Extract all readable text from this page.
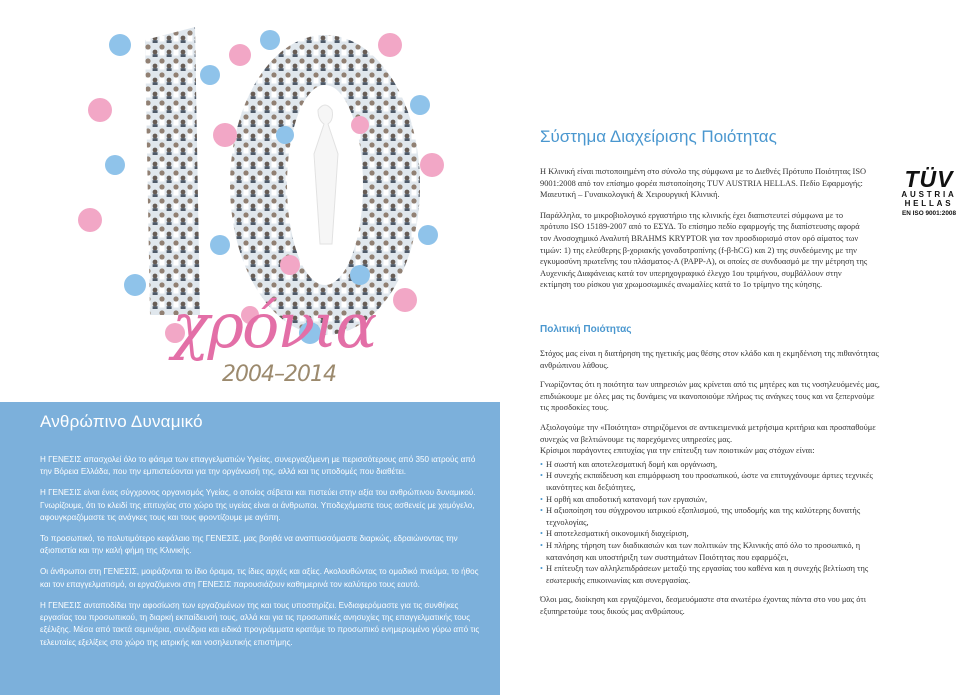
χρόνια
2004–2014
Ανθρώπινο Δυναμικό

Η ΓΕΝΕΣΙΣ απασχολεί όλο το φάσμα των επαγγελματιών Υγείας, συνεργαζόμενη με περισσότερους από 350 ιατρούς από την Βόρεια Ελλάδα, που την εμπιστεύονται για την οργάνωσή της, αλλά και τις υποδομές που διαθέτει.

Η ΓΕΝΕΣΙΣ είναι ένας σύγχρονος οργανισμός Υγείας, ο οποίος σέβεται και πιστεύει στην αξία του ανθρώπινου δυναμικού. Γνωρίζουμε, ότι το κλειδί της επιτυχίας στο χώρο της υγείας είναι οι άνθρωποι. Υποδεχόμαστε τους ασθενείς με χαμόγελο, αφουγκραζόμαστε τις ανάγκες τους και τους φροντίζουμε με αγάπη.

Το προσωπικό, το πολυτιμότερο κεφάλαιο της ΓΕΝΕΣΙΣ, μας βοηθά να αναπτυσσόμαστε διαρκώς, εδραιώνοντας την αξιοπιστία και την καλή φήμη της Κλινικής.

Οι άνθρωποι στη ΓΕΝΕΣΙΣ, μοιράζονται το ίδιο όραμα, τις ίδιες αρχές και αξίες. Ακολουθώντας το ομαδικό πνεύμα, το ήθος και τον επαγγελματισμό, οι εργαζόμενοι στη ΓΕΝΕΣΙΣ παρουσιάζουν καθημερινά τον καλύτερο τους εαυτό.

Η ΓΕΝΕΣΙΣ ανταποδίδει την αφοσίωση των εργαζομένων της και τους υποστηρίζει. Ενδιαφερόμαστε για τις συνθήκες εργασίας του προσωπικού, τη διαρκή εκπαίδευσή τους, αλλά και για τις προσωπικές ανησυχίες της επαγγελματικής τους εξέλιξης. Μέσα από τακτά σεμινάρια, συνέδρια και ειδικά προγράμματα κρατάμε το προσωπικό ενημερωμένο γύρω από τις τελευταίες εξελίξεις στο χώρο της ιατρικής και νοσηλευτικής επιστήμης.

Σύστημα Διαχείρισης Ποιότητας

Η Κλινική είναι πιστοποιημένη στο σύνολο της σύμφωνα με το Διεθνές Πρότυπο Ποιότητας ISO 9001:2008 από τον επίσημο φορέα πιστοποίησης TUV AUSTRIA HELLAS. Πεδίο Εφαρμογής: Μαιευτική – Γυναικολογική & Χειρουργική Κλινική.

Παράλληλα, το μικροβιολογικό εργαστήριο της κλινικής έχει διαπιστευτεί σύμφωνα με το πρότυπο ISO 15189-2007 από το ΕΣΥΔ. Το επίσημο πεδίο εφαρμογής της διαπίστευσης αφορά τον Ανοσοχημικό Αναλυτή BRAHMS KRYPTOR για τον προσδιορισμό στον ορό αίματος των τιμών: 1) της ελεύθερης β-χοριακής γοναδοτροπίνης (f-β-hCG) και 2) της συνδεόμενης με την εγκυμοσύνη πρωτεΐνης του πλάσματος-Α (PAPP-A), οι οποίες σε συνδυασμό με την μέτρηση της Αυχενικής Διαφάνειας κατά τον υπερηχογραφικό έλεγχο 1ου τριμήνου, συμβάλλουν στην εκτίμηση του ρίσκου για χρωμοσωμικές ανωμαλίες κατά το 1ο τρίμηνο της κύησης.

TÜV
AUSTRIA
HELLAS
EN ISO 9001:2008
Πολιτική Ποιότητας

Στόχος μας είναι η διατήρηση της ηγετικής μας θέσης στον κλάδο και η εκμηδένιση της πιθανότητας ανθρώπινου λάθους.

Γνωρίζοντας ότι η ποιότητα των υπηρεσιών μας κρίνεται από τις μητέρες και τις νοσηλευόμενές μας, επιδιώκουμε με όλες μας τις δυνάμεις να ικανοποιούμε πλήρως τις ανάγκες τους και να ξεπερνούμε τις προσδοκίες τους.

Αξιολογούμε την «Ποιότητα» στηριζόμενοι σε αντικειμενικά μετρήσιμα κριτήρια και προσπαθούμε συνεχώς να βελτιώνουμε τις παρεχόμενες υπηρεσίες μας.

Κρίσιμοι παράγοντες επιτυχίας για την επίτευξη των ποιοτικών μας στόχων είναι:

• Η σωστή και αποτελεσματική δομή και οργάνωση,
• Η συνεχής εκπαίδευση και επιμόρφωση του προσωπικού, ώστε να επιτυγχάνουμε άρτιες τεχνικές ικανότητες και δεξιότητες,
• Η ορθή και αποδοτική κατανομή των εργασιών,
• Η αξιοποίηση του σύγχρονου ιατρικού εξοπλισμού, της υποδομής και της καλύτερης δυνατής τεχνολογίας,
• Η αποτελεσματική οικονομική διαχείριση,
• Η πλήρης τήρηση των διαδικασιών και των πολιτικών της Κλινικής από όλο το προσωπικό, η κατανόηση και υποστήριξη των συστημάτων Ποιότητας που εφαρμόζει,
• Η επίτευξη των αλληλεπιδράσεων μεταξύ της εργασίας του καθένα και η συνεχής βελτίωση της εσωτερικής επικοινωνίας και συνεργασίας.

Όλοι μας, διοίκηση και εργαζόμενοι, δεσμευόμαστε στα ανωτέρω έχοντας πάντα στο νου μας ότι εξυπηρετούμε τους δικούς μας ανθρώπους.
